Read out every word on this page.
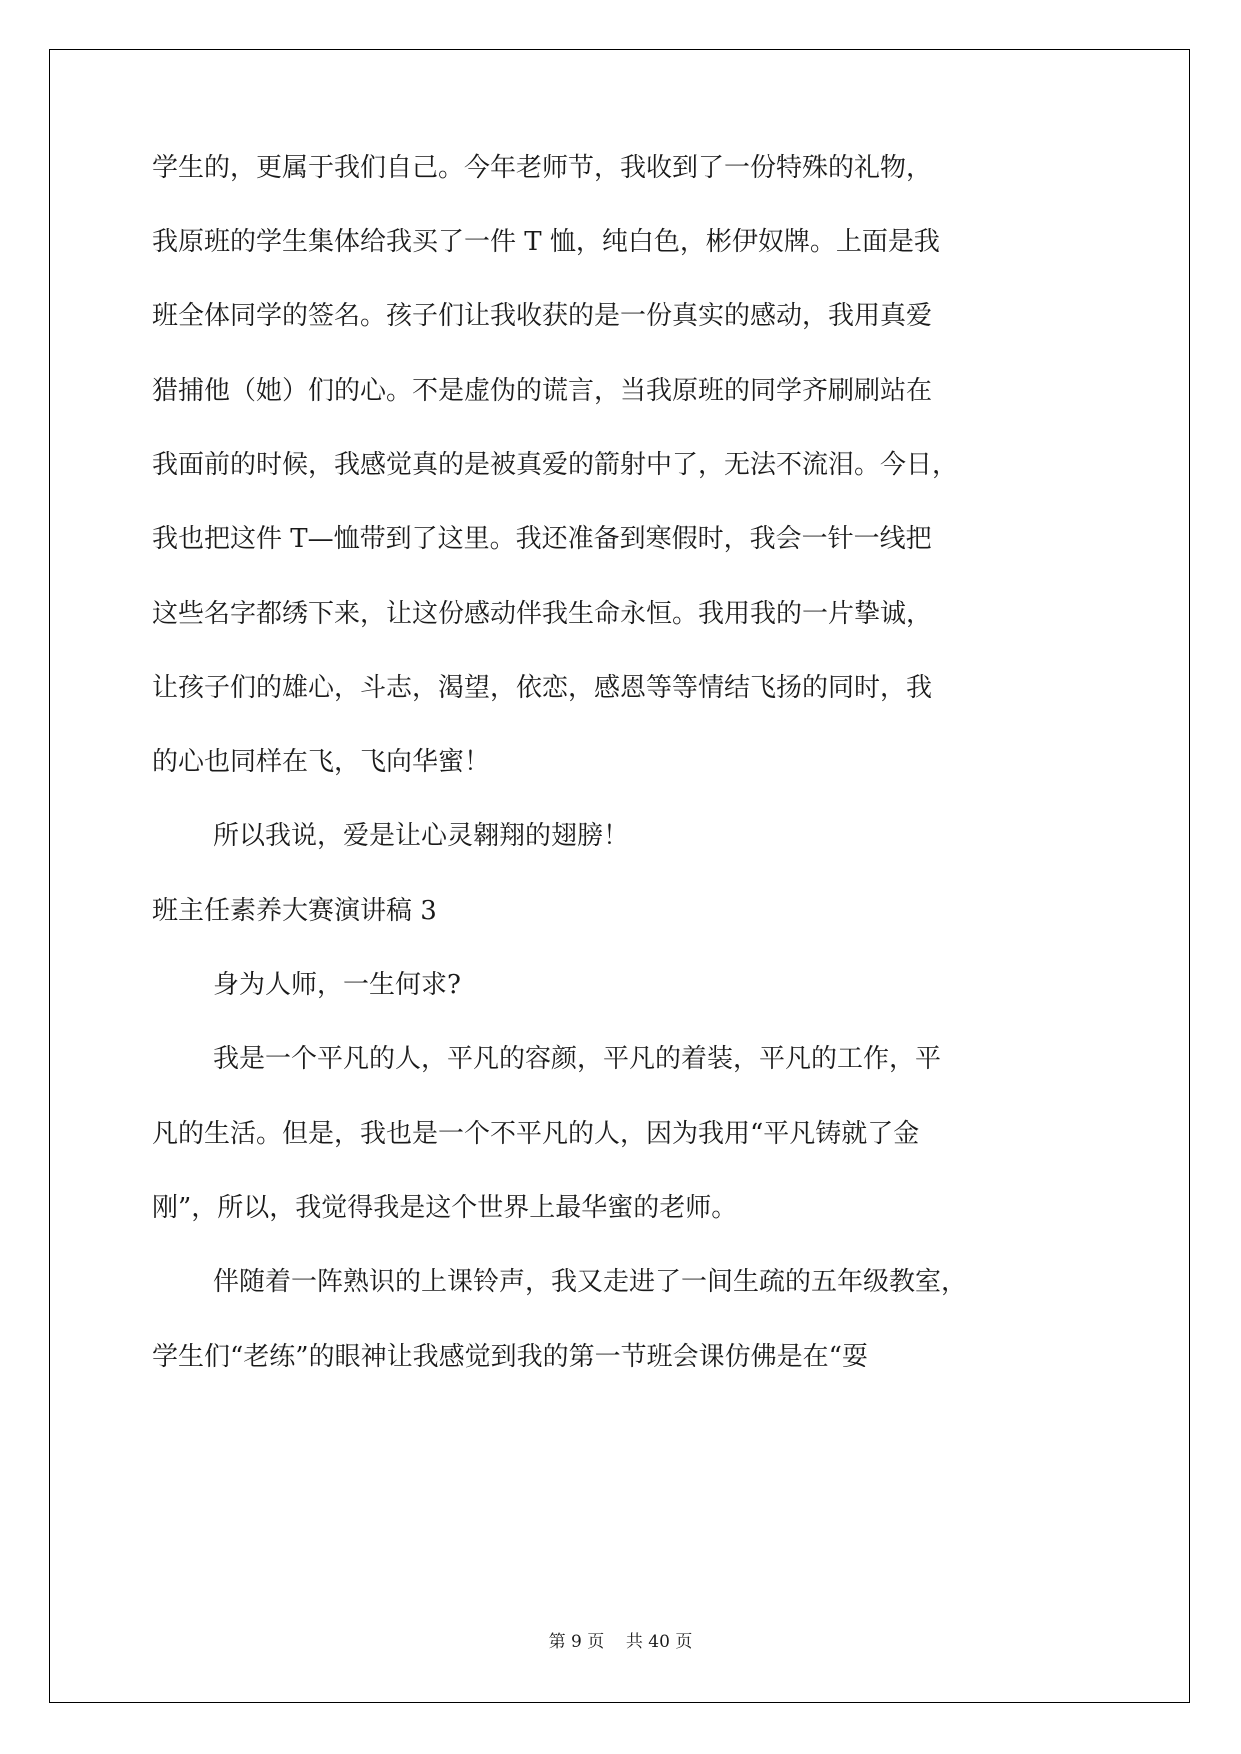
学生的，更属于我们自己。今年老师节，我收到了一份特殊的礼物，

我原班的学生集体给我买了一件 T 恤，纯白色，彬伊奴牌。上面是我

班全体同学的签名。孩子们让我收获的是一份真实的感动，我用真爱

猎捕他（她）们的心。不是虚伪的谎言，当我原班的同学齐刷刷站在

我面前的时候，我感觉真的是被真爱的箭射中了，无法不流泪。今日，

我也把这件 T—恤带到了这里。我还准备到寒假时，我会一针一线把

这些名字都绣下来，让这份感动伴我生命永恒。我用我的一片挚诚，

让孩子们的雄心，斗志，渴望，依恋，感恩等等情结飞扬的同时，我

的心也同样在飞，飞向华蜜！

所以我说，爱是让心灵翱翔的翅膀！

班主任素养大赛演讲稿 3

身为人师，一生何求?

我是一个平凡的人，平凡的容颜，平凡的着装，平凡的工作，平

凡的生活。但是，我也是一个不平凡的人，因为我用“平凡铸就了金

刚”，所以，我觉得我是这个世界上最华蜜的老师。

伴随着一阵熟识的上课铃声，我又走进了一间生疏的五年级教室，

学生们“老练”的眼神让我感觉到我的第一节班会课仿佛是在“耍

第 9 页    共 40 页
